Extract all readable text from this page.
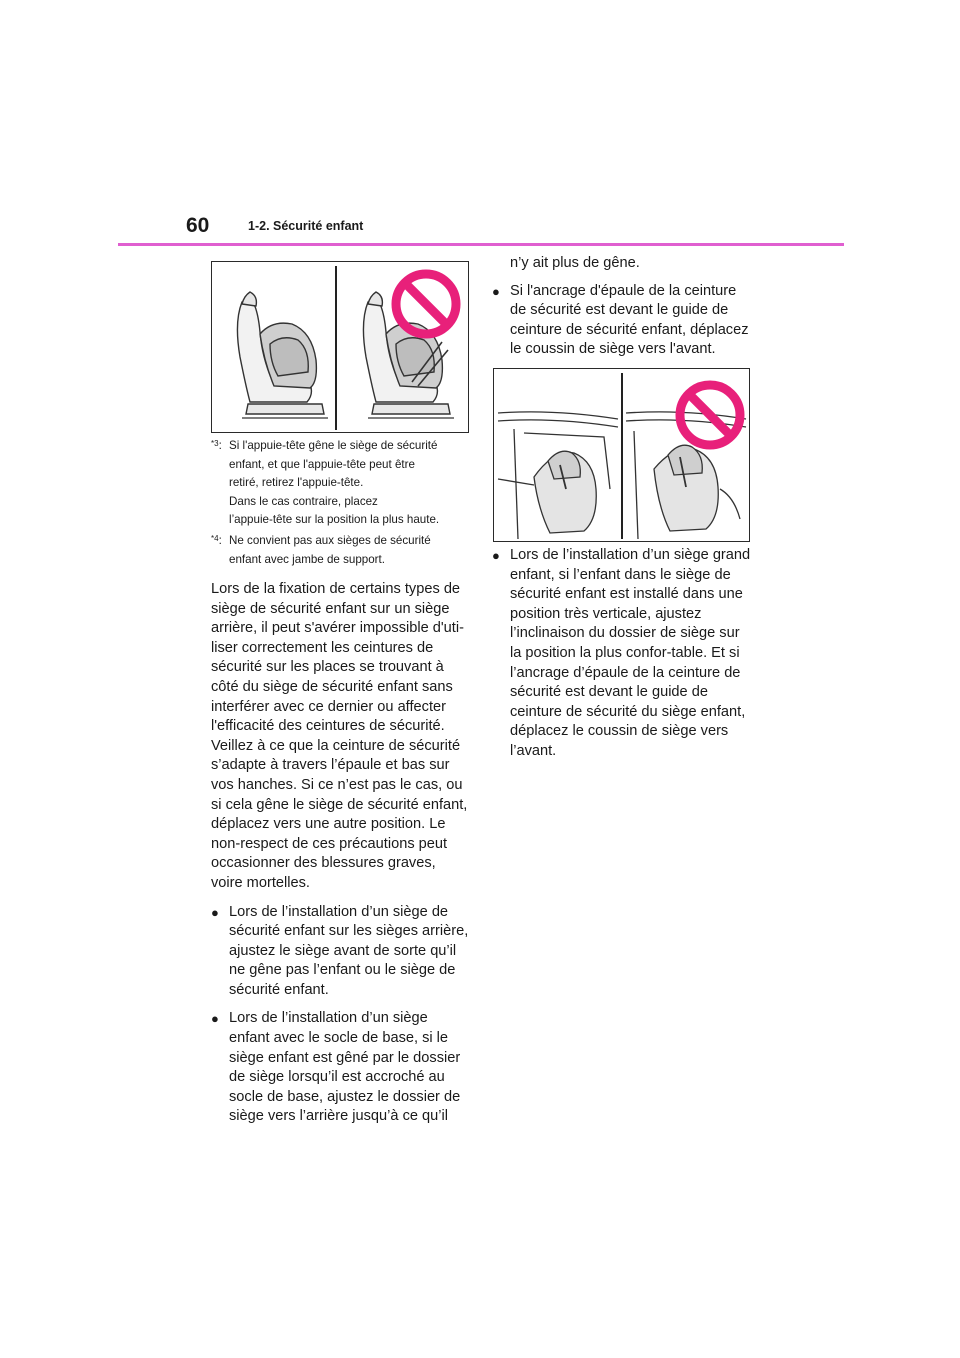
60	1-2. Sécurité enfant
$^{*3}$: Si l'appuie-tête gêne le siège de sécurité

enfant, et que l'appuie-tête peut être

retiré, retirez l'appuie-tête.

Dans le cas contraire, placez

l’appuie-tête sur la position la plus haute.

$^{*4}$: Ne convient pas aux sièges de sécurité

enfant avec jambe de support.

Lors de la fixation de certains types de siège de sécurité enfant sur un siège arrière, il peut s'avérer impossible d'uti-liser correctement les ceintures de sécurité sur les places se trouvant à côté du siège de sécurité enfant sans interférer avec ce dernier ou affecter l'efficacité des ceintures de sécurité. Veillez à ce que la ceinture de sécurité s’adapte à travers l’épaule et bas sur vos hanches. Si ce n’est pas le cas, ou si cela gêne le siège de sécurité enfant, déplacez vers une autre position. Le non-respect de ces précautions peut occasionner des blessures graves, voire mortelles.

● Lors de l’installation d’un siège de sécurité enfant sur les sièges arrière, ajustez le siège avant de sorte qu’il ne gêne pas l’enfant ou le siège de sécurité enfant.

● Lors de l’installation d’un siège enfant avec le socle de base, si le siège enfant est gêné par le dossier de siège lorsqu’il est accroché au socle de base, ajustez le dossier de siège vers l’arrière jusqu’à ce qu’il

n’y ait plus de gêne.

● Si l'ancrage d'épaule de la ceinture de sécurité est devant le guide de ceinture de sécurité enfant, déplacez le coussin de siège vers l'avant.

● Lors de l’installation d’un siège grand enfant, si l’enfant dans le siège de sécurité enfant est installé dans une position très verticale, ajustez l’inclinaison du dossier de siège sur la position la plus confor-table. Et si l’ancrage d’épaule de la ceinture de sécurité est devant le guide de ceinture de sécurité du siège enfant, déplacez le coussin de siège vers l’avant.
